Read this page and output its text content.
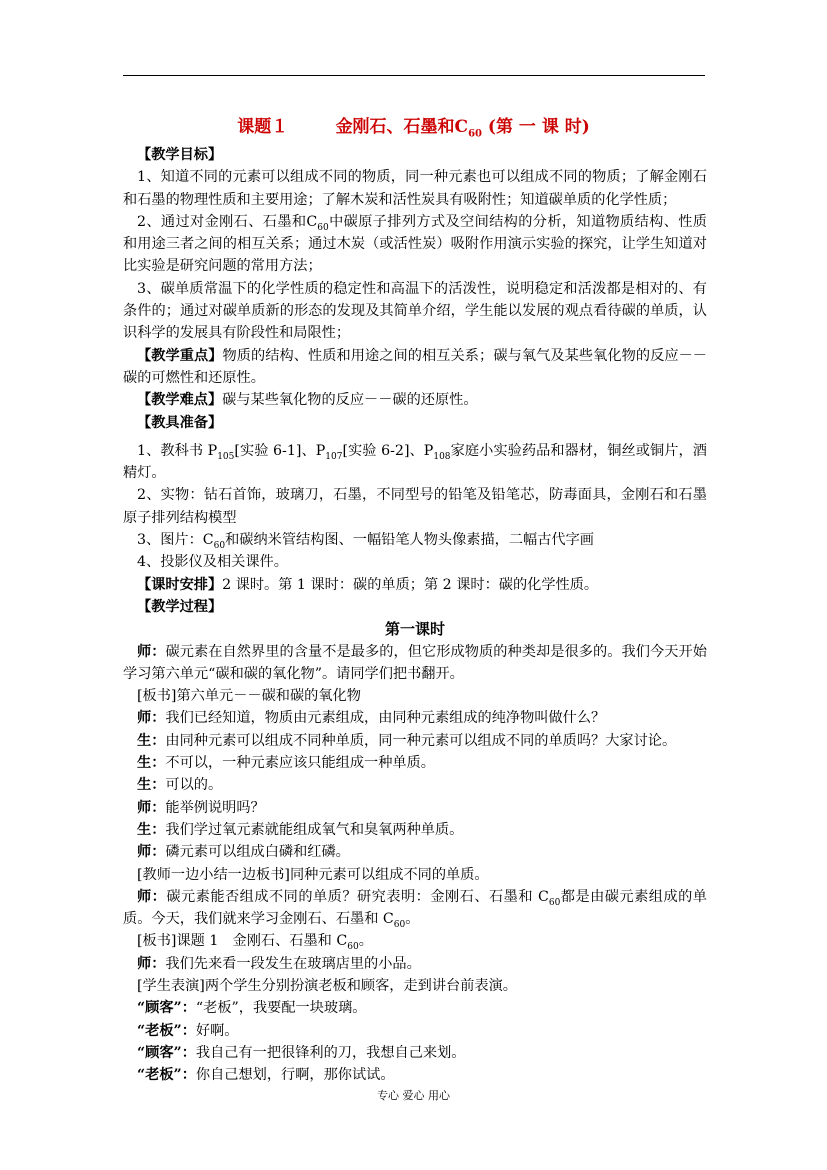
课题１	金刚石、石墨和$C_{60}$ (第 一 课 时)

【教学目标】

1、知道不同的元素可以组成不同的物质，同一种元素也可以组成不同的物质；了解金刚石和石墨的物理性质和主要用途；了解木炭和活性炭具有吸附性；知道碳单质的化学性质；

2、通过对金刚石、石墨和$C_{60}$中碳原子排列方式及空间结构的分析，知道物质结构、性质和用途三者之间的相互关系；通过木炭（或活性炭）吸附作用演示实验的探究，让学生知道对比实验是研究问题的常用方法；

3、碳单质常温下的化学性质的稳定性和高温下的活泼性，说明稳定和活泼都是相对的、有条件的；通过对碳单质新的形态的发现及其简单介绍，学生能以发展的观点看待碳的单质，认识科学的发展具有阶段性和局限性；

【教学重点】物质的结构、性质和用途之间的相互关系；碳与氧气及某些氧化物的反应－－碳的可燃性和还原性。

【教学难点】碳与某些氧化物的反应－－碳的还原性。

【教具准备】

1、教科书 $P_{105}$[实验 6-1]、$P_{107}$[实验 6-2]、$P_{108}$家庭小实验药品和器材，铜丝或铜片，酒精灯。

2、实物：钻石首饰，玻璃刀，石墨，不同型号的铅笔及铅笔芯，防毒面具，金刚石和石墨原子排列结构模型

3、图片：$C_{60}$和碳纳米管结构图、一幅铅笔人物头像素描，二幅古代字画

4、投影仪及相关课件。

【课时安排】2 课时。第 1 课时：碳的单质；第 2 课时：碳的化学性质。

【教学过程】

第一课时

师：碳元素在自然界里的含量不是最多的，但它形成物质的种类却是很多的。我们今天开始学习第六单元“碳和碳的氧化物”。请同学们把书翻开。

[板书]第六单元－－碳和碳的氧化物

师：我们已经知道，物质由元素组成，由同种元素组成的纯净物叫做什么？

生：由同种元素可以组成不同种单质，同一种元素可以组成不同的单质吗？大家讨论。

生：不可以，一种元素应该只能组成一种单质。

生：可以的。

师：能举例说明吗？

生：我们学过氧元素就能组成氧气和臭氧两种单质。

师：磷元素可以组成白磷和红磷。

[教师一边小结一边板书]同种元素可以组成不同的单质。

师：碳元素能否组成不同的单质？研究表明：金刚石、石墨和 $C_{60}$都是由碳元素组成的单质。今天，我们就来学习金刚石、石墨和 $C_{60}$。

[板书]课题 1　金刚石、石墨和 $C_{60}$。

师：我们先来看一段发生在玻璃店里的小品。

[学生表演]两个学生分别扮演老板和顾客，走到讲台前表演。

“顾客”：“老板”，我要配一块玻璃。

“老板”：好啊。

“顾客”：我自己有一把很锋利的刀，我想自己来划。

“老板”：你自己想划，行啊，那你试试。

专心 爱心 用心
